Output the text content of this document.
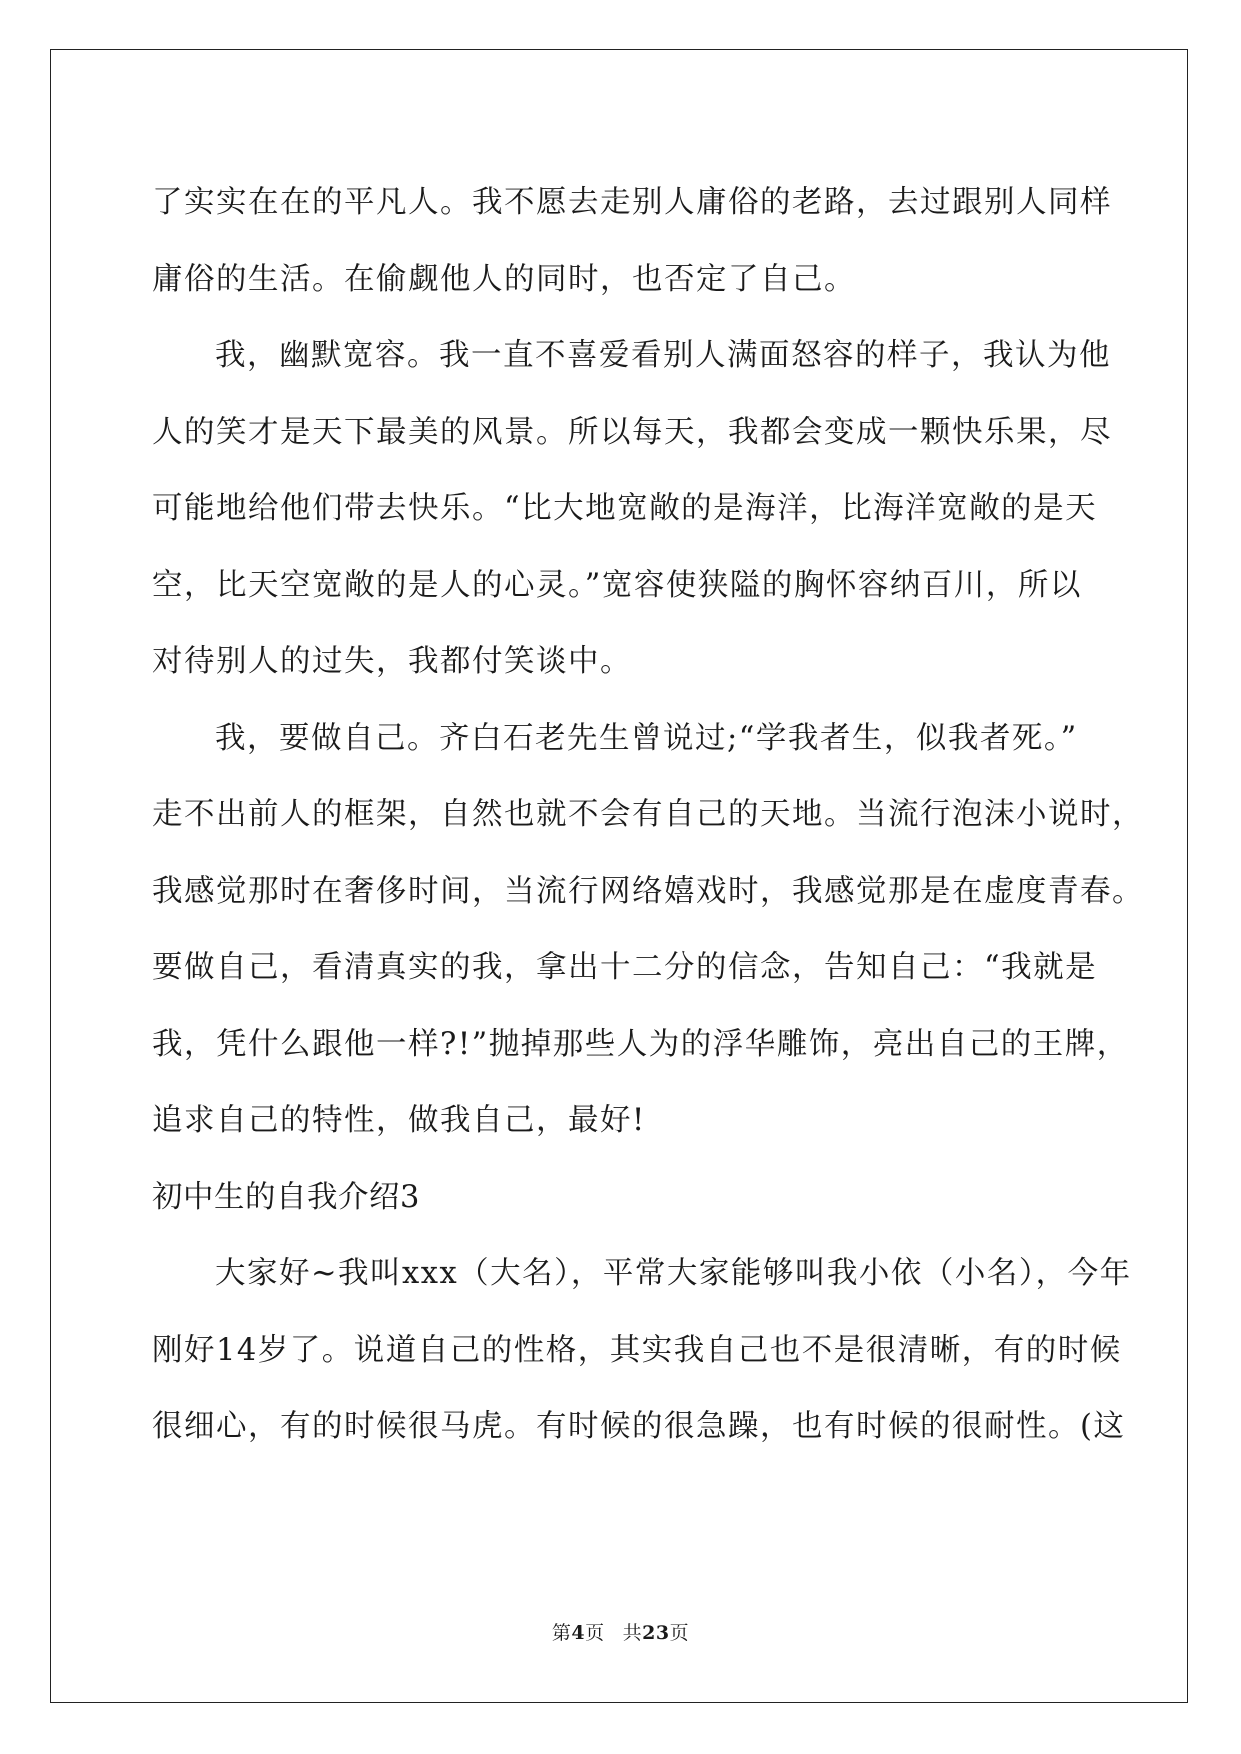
了实实在在的平凡人。我不愿去走别人庸俗的老路，去过跟别人同样
庸俗的生活。在偷觑他人的同时，也否定了自己。
我，幽默宽容。我一直不喜爱看别人满面怒容的样子，我认为他
人的笑才是天下最美的风景。所以每天，我都会变成一颗快乐果，尽
可能地给他们带去快乐。“比大地宽敞的是海洋，比海洋宽敞的是天
空，比天空宽敞的是人的心灵。”宽容使狭隘的胸怀容纳百川，所以
对待别人的过失，我都付笑谈中。
我，要做自己。齐白石老先生曾说过;“学我者生，似我者死。”
走不出前人的框架，自然也就不会有自己的天地。当流行泡沫小说时，
我感觉那时在奢侈时间，当流行网络嬉戏时，我感觉那是在虚度青春。
要做自己，看清真实的我，拿出十二分的信念，告知自己：“我就是
我，凭什么跟他一样?!”抛掉那些人为的浮华雕饰，亮出自己的王牌，
追求自己的特性，做我自己，最好!
初中生的自我介绍3
大家好~我叫xxx（大名），平常大家能够叫我小依（小名），今年
刚好14岁了。说道自己的性格，其实我自己也不是很清晰，有的时候
很细心，有的时候很马虎。有时候的很急躁，也有时候的很耐性。(这
第4页 共23页
